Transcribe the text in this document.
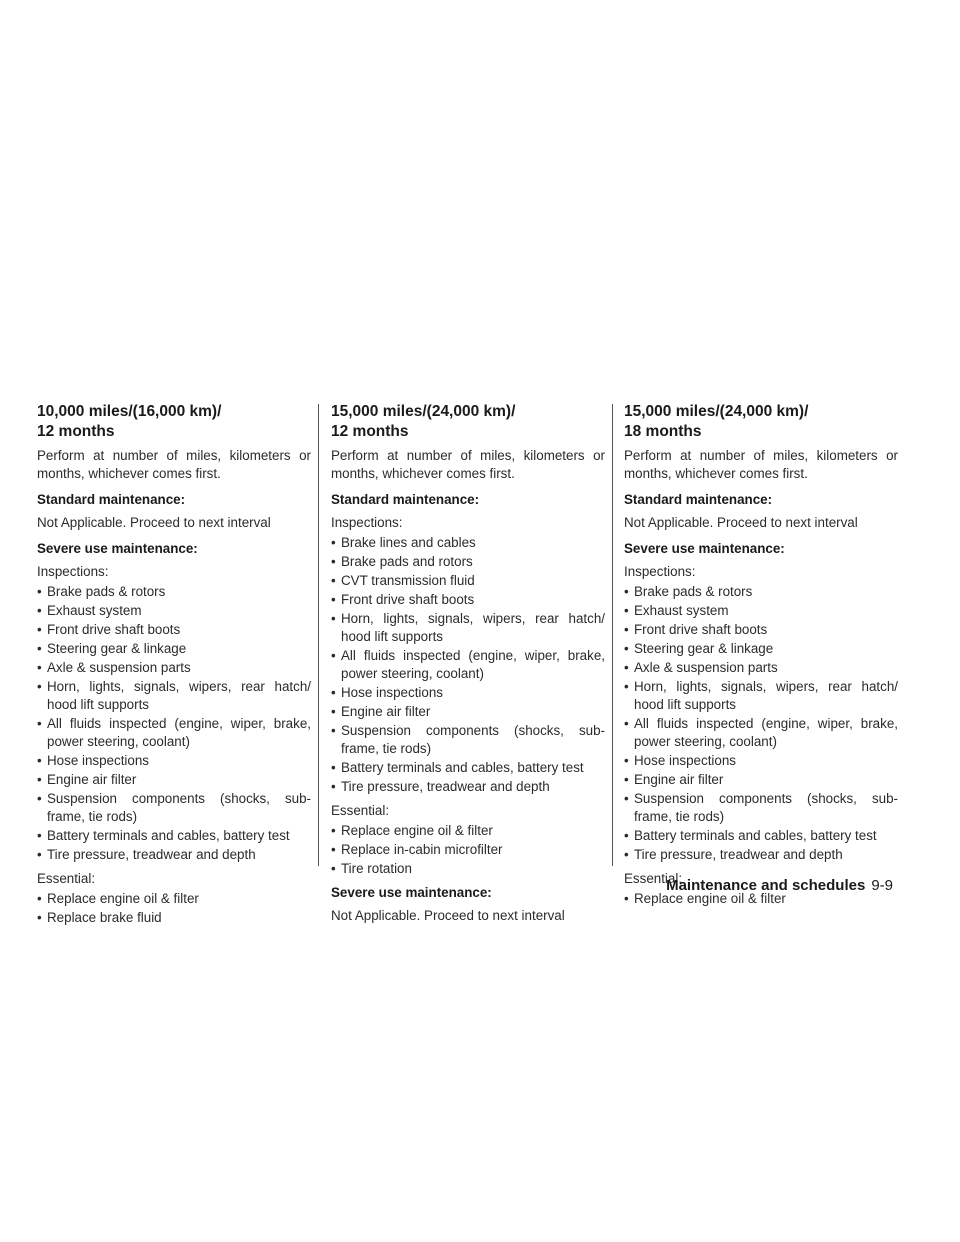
10,000 miles/(16,000 km)/
12 months

Perform at number of miles, kilometers or months, whichever comes first.

Standard maintenance:

Not Applicable. Proceed to next interval

Severe use maintenance:
Inspections:
• Brake pads & rotors
• Exhaust system
• Front drive shaft boots
• Steering gear & linkage
• Axle & suspension parts
• Horn, lights, signals, wipers, rear hatch/ hood lift supports
• All fluids inspected (engine, wiper, brake, power steering, coolant)
• Hose inspections
• Engine air filter
• Suspension components (shocks, sub-frame, tie rods)
• Battery terminals and cables, battery test
• Tire pressure, treadwear and depth
Essential:
• Replace engine oil & filter
• Replace brake fluid
15,000 miles/(24,000 km)/
12 months

Perform at number of miles, kilometers or months, whichever comes first.

Standard maintenance:
Inspections:
• Brake lines and cables
• Brake pads and rotors
• CVT transmission fluid
• Front drive shaft boots
• Horn, lights, signals, wipers, rear hatch/ hood lift supports
• All fluids inspected (engine, wiper, brake, power steering, coolant)
• Hose inspections
• Engine air filter
• Suspension components (shocks, sub-frame, tie rods)
• Battery terminals and cables, battery test
• Tire pressure, treadwear and depth
Essential:
• Replace engine oil & filter
• Replace in-cabin microfilter
• Tire rotation
Severe use maintenance:

Not Applicable. Proceed to next interval

15,000 miles/(24,000 km)/
18 months

Perform at number of miles, kilometers or months, whichever comes first.

Standard maintenance:

Not Applicable. Proceed to next interval

Severe use maintenance:
Inspections:
• Brake pads & rotors
• Exhaust system
• Front drive shaft boots
• Steering gear & linkage
• Axle & suspension parts
• Horn, lights, signals, wipers, rear hatch/ hood lift supports
• All fluids inspected (engine, wiper, brake, power steering, coolant)
• Hose inspections
• Engine air filter
• Suspension components (shocks, sub-frame, tie rods)
• Battery terminals and cables, battery test
• Tire pressure, treadwear and depth
Essential:
• Replace engine oil & filter
Maintenance and schedules 9-9
